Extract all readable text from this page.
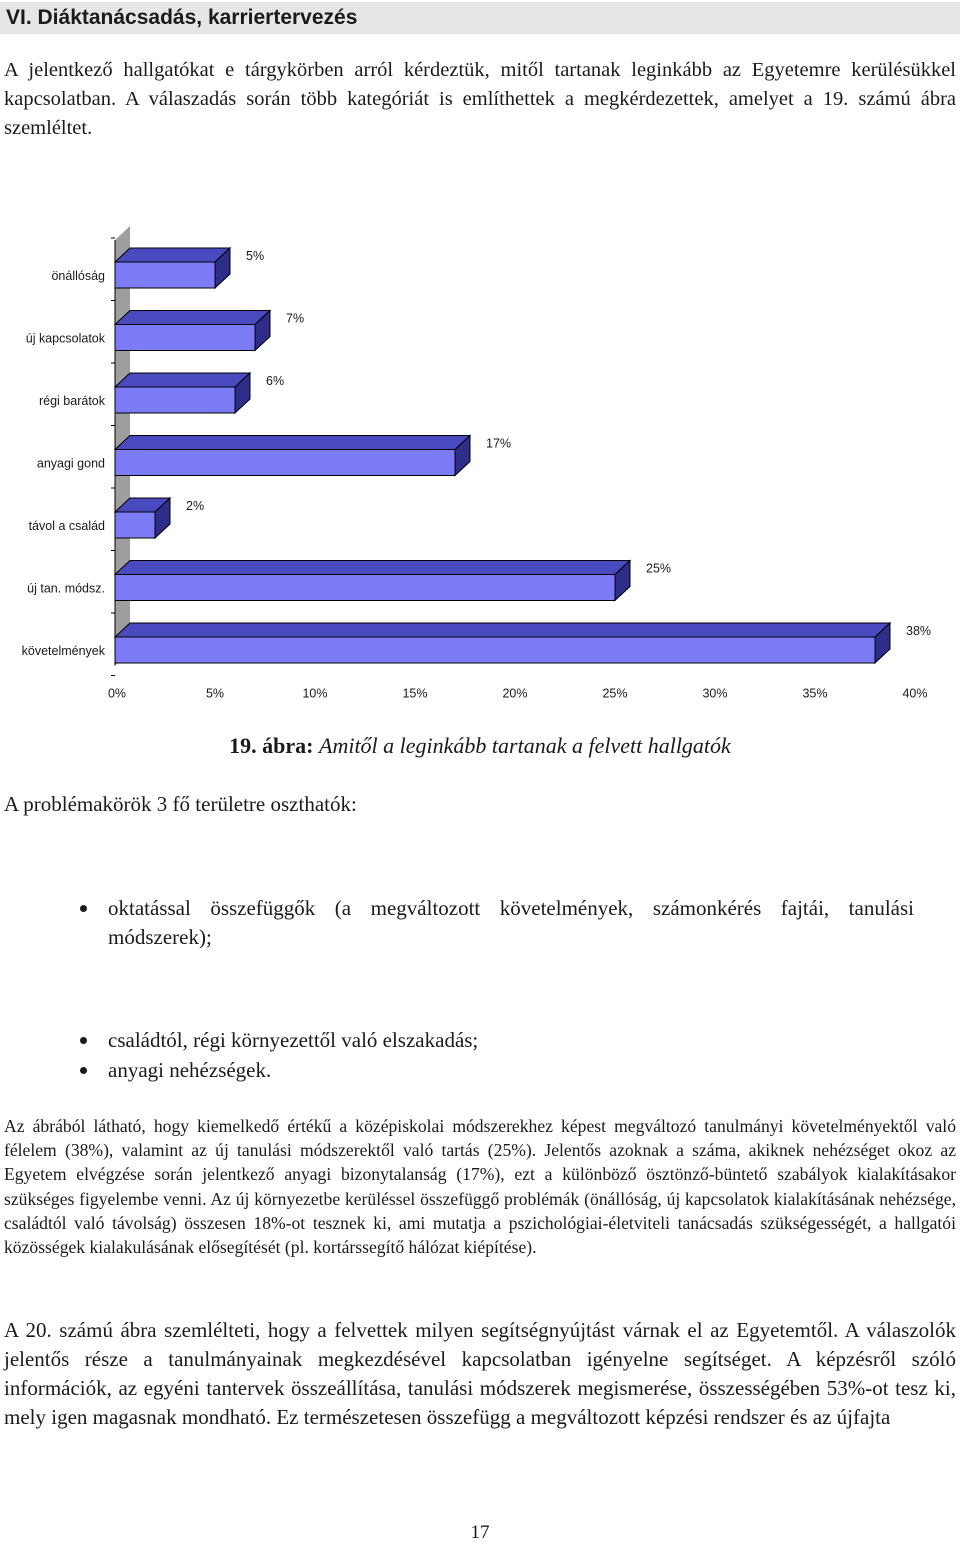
VI. Diáktanácsadás, karriertervezés

A jelentkező hallgatókat e tárgykörben arról kérdeztük, mitől tartanak leginkább az Egyetemre kerülésükkel kapcsolatban. A válaszadás során több kategóriát is említhettek a megkérdezettek, amelyet a 19. számú ábra szemléltet.

önállóság
5%
új kapcsolatok
7%
régi barátok
6%
anyagi gond
17%
távol a család
2%
új tan. módsz.
25%
követelmények
38%
0%	5%	10%	15%	20%	25%	30%	35%	40%
19. ábra: Amitől a leginkább tartanak a felvett hallgatók

A problémakörök 3 fő területre oszthatók:

oktatással összefüggők (a megváltozott követelmények, számonkérés fajtái, tanulási módszerek);

családtól, régi környezettől való elszakadás;

anyagi nehézségek.

Az ábrából látható, hogy kiemelkedő értékű a középiskolai módszerekhez képest megváltozó tanulmányi követelményektől való félelem (38%), valamint az új tanulási módszerektől való tartás (25%). Jelentős azoknak a száma, akiknek nehézséget okoz az Egyetem elvégzése során jelentkező anyagi bizonytalanság (17%), ezt a különböző ösztönző-büntető szabályok kialakításakor szükséges figyelembe venni. Az új környezetbe kerüléssel összefüggő problémák (önállóság, új kapcsolatok kialakításának nehézsége, családtól való távolság) összesen 18%-ot tesznek ki, ami mutatja a pszichológiai-életviteli tanácsadás szükségességét, a hallgatói közösségek kialakulásának elősegítését (pl. kortárssegítő hálózat kiépítése).

A 20. számú ábra szemlélteti, hogy a felvettek milyen segítségnyújtást várnak el az Egyetemtől. A válaszolók jelentős része a tanulmányainak megkezdésével kapcsolatban igényelne segítséget. A képzésről szóló információk, az egyéni tantervek összeállítása, tanulási módszerek megismerése, összességében 53%-ot tesz ki, mely igen magasnak mondható. Ez természetesen összefügg a megváltozott képzési rendszer és az újfajta

17
